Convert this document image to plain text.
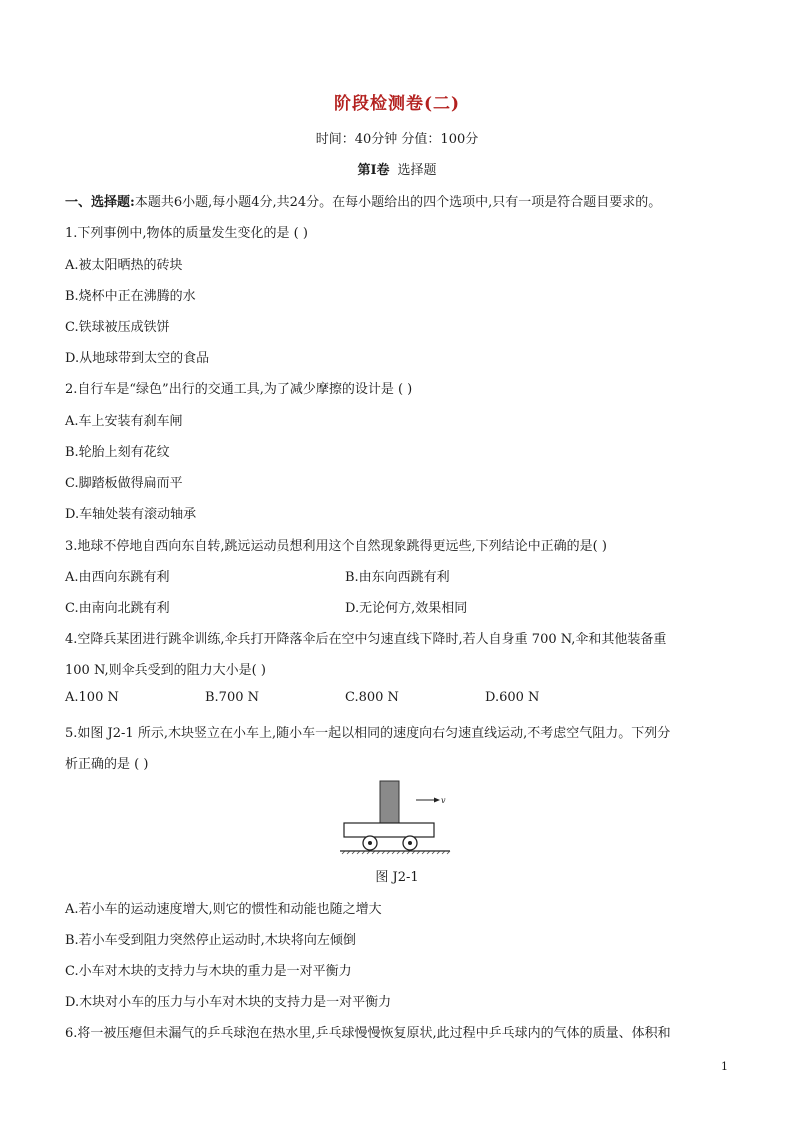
阶段检测卷(二)
时间：40分钟 分值：100分
第Ⅰ卷 选择题
一、选择题:本题共6小题,每小题4分,共24分。在每小题给出的四个选项中,只有一项是符合题目要求的。
1.下列事例中,物体的质量发生变化的是 ( )
A.被太阳晒热的砖块
B.烧杯中正在沸腾的水
C.铁球被压成铁饼
D.从地球带到太空的食品
2.自行车是“绿色”出行的交通工具,为了减少摩擦的设计是 ( )
A.车上安装有刹车闸
B.轮胎上刻有花纹
C.脚踏板做得扁而平
D.车轴处装有滚动轴承
3.地球不停地自西向东自转,跳远运动员想利用这个自然现象跳得更远些,下列结论中正确的是( )
A.由西向东跳有利	B.由东向西跳有利
C.由南向北跳有利	D.无论何方,效果相同
4.空降兵某团进行跳伞训练,伞兵打开降落伞后在空中匀速直线下降时,若人自身重 700 N,伞和其他装备重
100 N,则伞兵受到的阻力大小是( )
A.100 N	B.700 N	C.800 N	D.600 N
5.如图 J2-1 所示,木块竖立在小车上,随小车一起以相同的速度向右匀速直线运动,不考虑空气阻力。下列分
析正确的是 ( )
v
图 J2-1
A.若小车的运动速度增大,则它的惯性和动能也随之增大
B.若小车受到阻力突然停止运动时,木块将向左倾倒
C.小车对木块的支持力与木块的重力是一对平衡力
D.木块对小车的压力与小车对木块的支持力是一对平衡力
6.将一被压瘪但未漏气的乒乓球泡在热水里,乒乓球慢慢恢复原状,此过程中乒乓球内的气体的质量、体积和
1
